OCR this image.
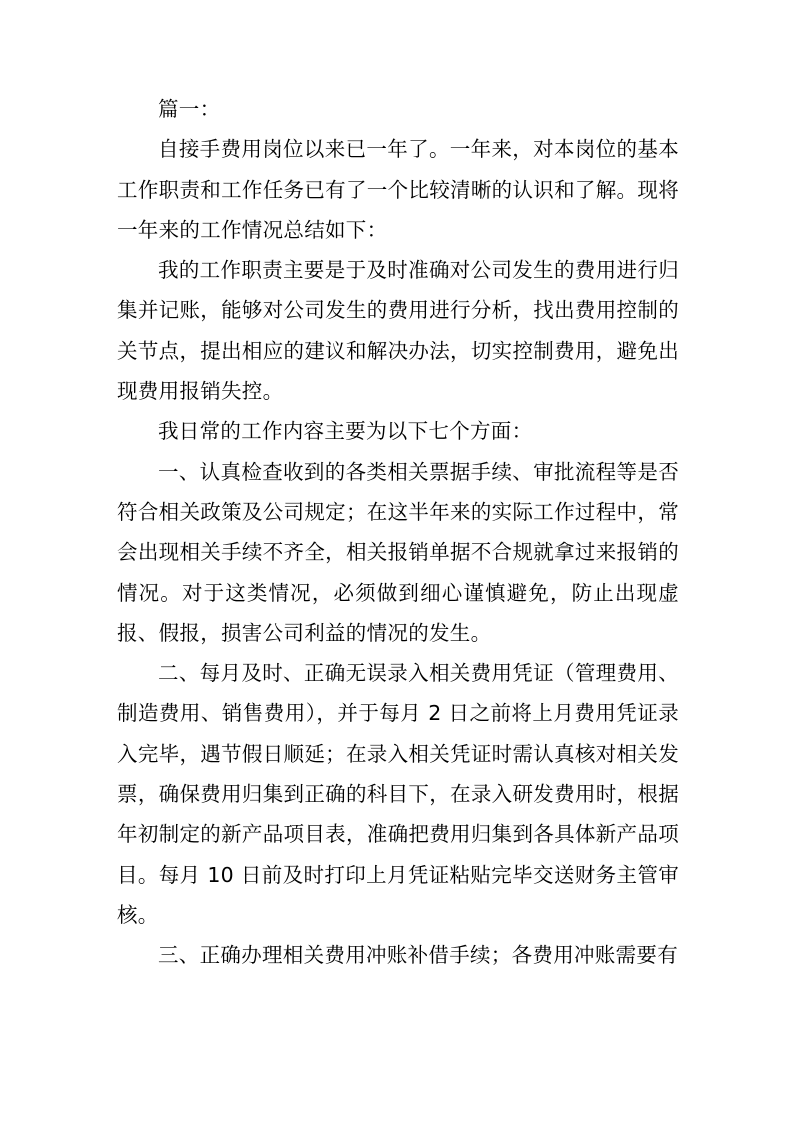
篇一：

自接手费用岗位以来已一年了。一年来，对本岗位的基本工作职责和工作任务已有了一个比较清晰的认识和了解。现将一年来的工作情况总结如下：

我的工作职责主要是于及时准确对公司发生的费用进行归集并记账，能够对公司发生的费用进行分析，找出费用控制的关节点，提出相应的建议和解决办法，切实控制费用，避免出现费用报销失控。

我日常的工作内容主要为以下七个方面：

一、认真检查收到的各类相关票据手续、审批流程等是否符合相关政策及公司规定；在这半年来的实际工作过程中，常会出现相关手续不齐全，相关报销单据不合规就拿过来报销的情况。对于这类情况，必须做到细心谨慎避免，防止出现虚报、假报，损害公司利益的情况的发生。

二、每月及时、正确无误录入相关费用凭证（管理费用、制造费用、销售费用），并于每月 2 日之前将上月费用凭证录入完毕，遇节假日顺延；在录入相关凭证时需认真核对相关发票，确保费用归集到正确的科目下，在录入研发费用时，根据年初制定的新产品项目表，准确把费用归集到各具体新产品项目。每月 10 日前及时打印上月凭证粘贴完毕交送财务主管审核。

三、正确办理相关费用冲账补借手续；各费用冲账需要有
